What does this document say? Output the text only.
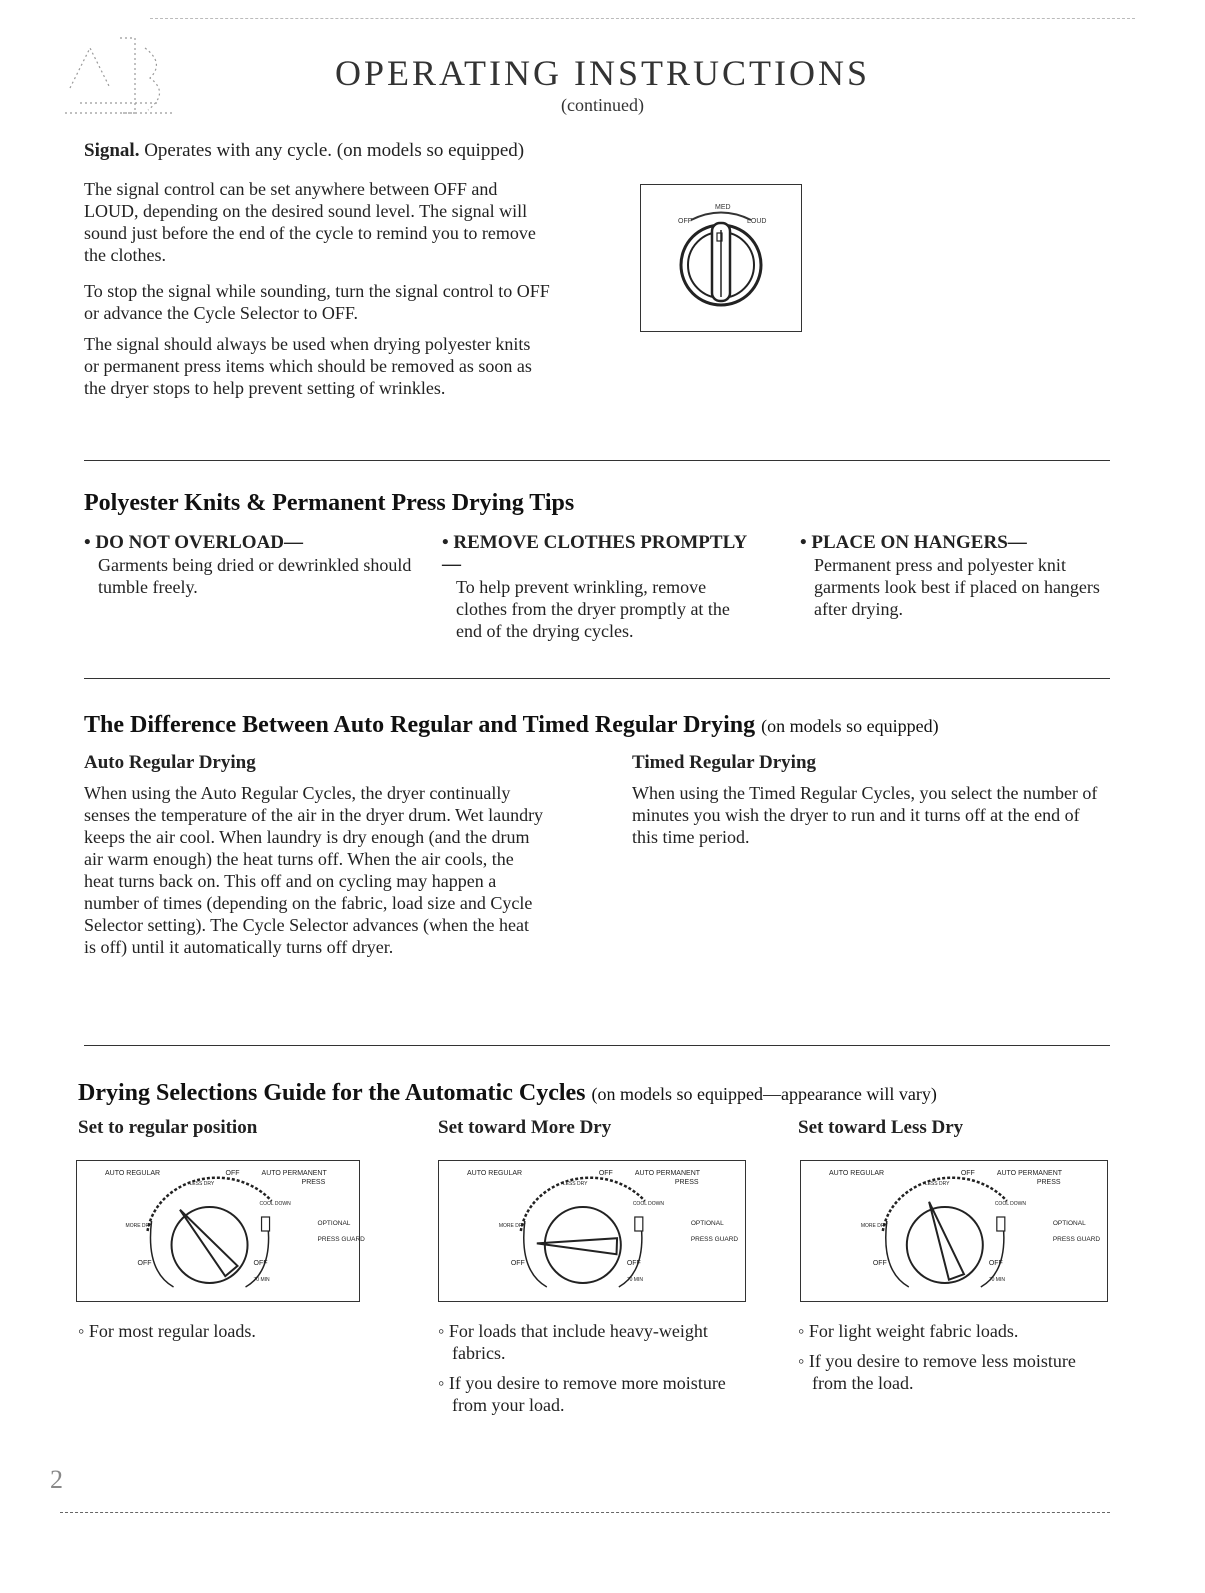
OPERATING INSTRUCTIONS
(continued)
Signal. Operates with any cycle. (on models so equipped)
The signal control can be set anywhere between OFF and LOUD, depending on the desired sound level. The signal will sound just before the end of the cycle to remind you to remove the clothes.
To stop the signal while sounding, turn the signal control to OFF or advance the Cycle Selector to OFF.
The signal should always be used when drying polyester knits or permanent press items which should be removed as soon as the dryer stops to help prevent setting of wrinkles.
OFF
MED
LOUD
Polyester Knits & Permanent Press Drying Tips
• DO NOT OVERLOAD—
Garments being dried or dewrinkled should tumble freely.
• REMOVE CLOTHES PROMPTLY—
To help prevent wrinkling, remove clothes from the dryer promptly at the end of the drying cycles.
• PLACE ON HANGERS—
Permanent press and polyester knit garments look best if placed on hangers after drying.
The Difference Between Auto Regular and Timed Regular Drying (on models so equipped)
Auto Regular Drying
When using the Auto Regular Cycles, the dryer continually senses the temperature of the air in the dryer drum. Wet laundry keeps the air cool. When laundry is dry enough (and the drum air warm enough) the heat turns off. When the air cools, the heat turns back on. This off and on cycling may happen a number of times (depending on the fabric, load size and Cycle Selector setting). The Cycle Selector advances (when the heat is off) until it automatically turns off dryer.
Timed Regular Drying
When using the Timed Regular Cycles, you select the number of minutes you wish the dryer to run and it turns off at the end of this time period.
Drying Selections Guide for the Automatic Cycles (on models so equipped—appearance will vary)
Set to regular position	Set toward More Dry	Set toward Less Dry
AUTO REGULAR	OFF	AUTO PERMANENT
PRESS
OPTIONAL
PRESS GUARD
OFF
OFF
MORE DRY
LESS DRY
COOL DOWN
70 MIN
AUTO REGULAR	OFF	AUTO PERMANENT
PRESS
OPTIONAL
PRESS GUARD
OFF
OFF
MORE DRY
LESS DRY
COOL DOWN
70 MIN
AUTO REGULAR	OFF	AUTO PERMANENT
PRESS
OPTIONAL
PRESS GUARD
OFF
OFF
MORE DRY
LESS DRY
COOL DOWN
70 MIN
◦ For most regular loads.	◦ For loads that include heavy-weight fabrics.
◦ If you desire to remove more moisture from your load.
◦ For light weight fabric loads.
◦ If you desire to remove less moisture from the load.
2
